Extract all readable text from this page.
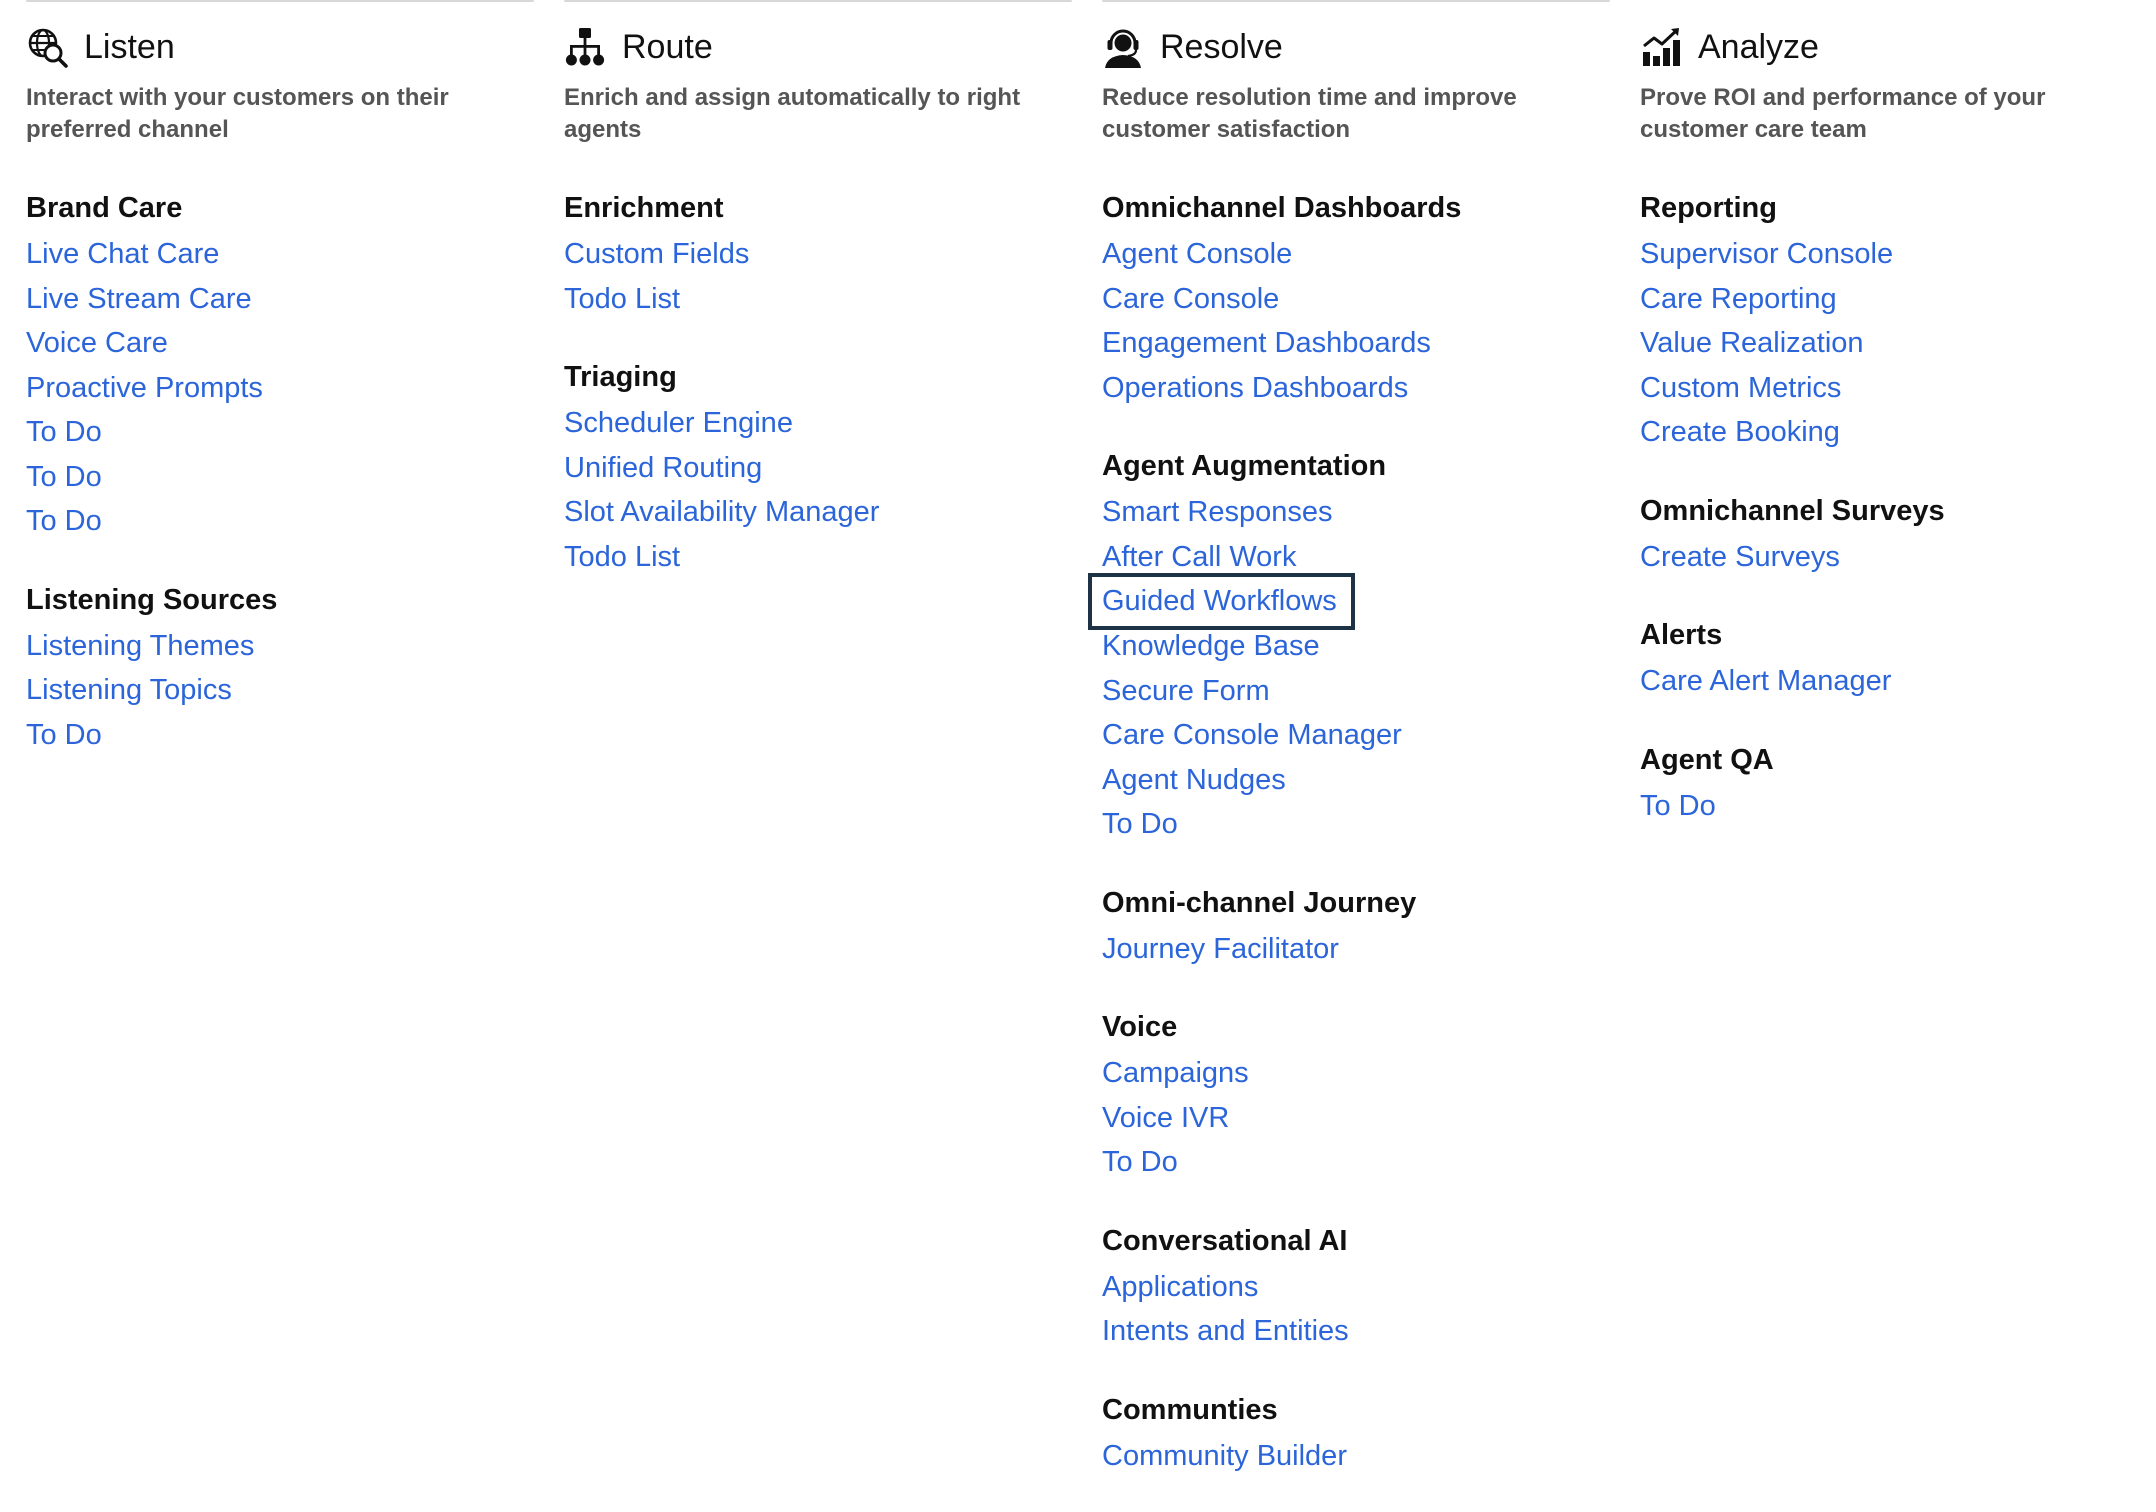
Listen
Interact with your customers on their preferred channel
Brand Care
Live Chat Care
Live Stream Care
Voice Care
Proactive Prompts
To Do
To Do
To Do
Listening Sources
Listening Themes
Listening Topics
To Do
Route
Enrich and assign automatically to right agents
Enrichment
Custom Fields
Todo List
Triaging
Scheduler Engine
Unified Routing
Slot Availability Manager
Todo List
Resolve
Reduce resolution time and improve customer satisfaction
Omnichannel Dashboards
Agent Console
Care Console
Engagement Dashboards
Operations Dashboards
Agent Augmentation
Smart Responses
After Call Work
Guided Workflows
Knowledge Base
Secure Form
Care Console Manager
Agent Nudges
To Do
Omni-channel Journey
Journey Facilitator
Voice
Campaigns
Voice IVR
To Do
Conversational AI
Applications
Intents and Entities
Communties
Community Builder
Analyze
Prove ROI and performance of your customer care team
Reporting
Supervisor Console
Care Reporting
Value Realization
Custom Metrics
Create Booking
Omnichannel Surveys
Create Surveys
Alerts
Care Alert Manager
Agent QA
To Do
